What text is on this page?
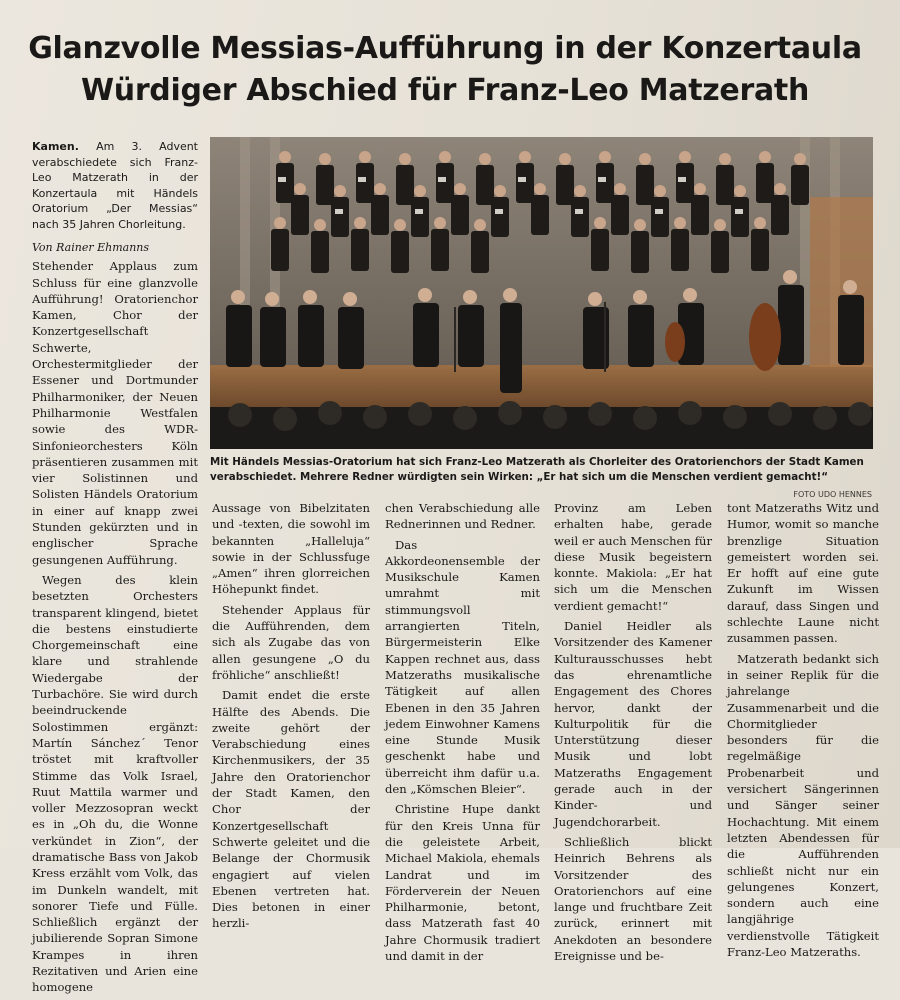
Glanzvolle Messias-Aufführung in der Konzertaula
Würdiger Abschied für Franz-Leo Matzerath

Kamen. Am 3. Advent verabschiedete sich Franz-Leo Matzerath in der Konzertaula mit Händels Oratorium „Der Messias“ nach 35 Jahren Chorleitung.

Von Rainer Ehmanns

Stehender Applaus zum Schluss für eine glanzvolle Aufführung! Oratorienchor Kamen, Chor der Konzertgesellschaft Schwerte, Orchestermitglieder der Essener und Dortmunder Philharmoniker, der Neuen Philharmonie Westfalen sowie des WDR-Sinfonieorchesters Köln präsentieren zusammen mit vier Solistinnen und Solisten Händels Oratorium in einer auf knapp zwei Stunden gekürzten und in englischer Sprache gesungenen Aufführung.

Wegen des klein besetzten Orchesters transparent klingend, bietet die bestens einstudierte Chorgemeinschaft eine klare und strahlende Wiedergabe der Turbachöre. Sie wird durch beeindruckende Solostimmen ergänzt: Martín Sánchez´ Tenor tröstet mit kraftvoller Stimme das Volk Israel, Ruut Mattila warmer und voller Mezzosopran weckt es in „Oh du, die Wonne verkündet in Zion“, der dramatische Bass von Jakob Kress erzählt vom Volk, das im Dunkeln wandelt, mit sonorer Tiefe und Fülle. Schließlich ergänzt der jubilierende Sopran Simone Krampes in ihren Rezitativen und Arien eine homogene

Mit Händels Messias-Oratorium hat sich Franz-Leo Matzerath als Chorleiter des Oratorienchors der Stadt Kamen verabschiedet. Mehrere Redner würdigten sein Wirken: „Er hat sich um die Menschen verdient gemacht!“
FOTO UDO HENNES

Aussage von Bibelzitaten und -texten, die sowohl im bekannten „Halleluja“ sowie in der Schlussfuge „Amen“ ihren glorreichen Höhepunkt findet.

Stehender Applaus für die Aufführenden, dem sich als Zugabe das von allen gesungene „O du fröhliche“ anschließt!

Damit endet die erste Hälfte des Abends. Die zweite gehört der Verabschiedung eines Kirchenmusikers, der 35 Jahre den Oratorienchor der Stadt Kamen, den Chor der Konzertgesellschaft Schwerte geleitet und die Belange der Chormusik engagiert auf vielen Ebenen vertreten hat. Dies betonen in einer herzli-

chen Verabschiedung alle Rednerinnen und Redner.

Das Akkordeonensemble der Musikschule Kamen umrahmt mit stimmungsvoll arrangierten Titeln, Bürgermeisterin Elke Kappen rechnet aus, dass Matzeraths musikalische Tätigkeit auf allen Ebenen in den 35 Jahren jedem Einwohner Kamens eine Stunde Musik geschenkt habe und überreicht ihm dafür u.a. den „Kömschen Bleier“.

Christine Hupe dankt für den Kreis Unna für die geleistete Arbeit, Michael Makiola, ehemals Landrat und im Förderverein der Neuen Philharmonie, betont, dass Matzerath fast 40 Jahre Chormusik tradiert und damit in der

Provinz am Leben erhalten habe, gerade weil er auch Menschen für diese Musik begeistern konnte. Makiola: „Er hat sich um die Menschen verdient gemacht!“

Daniel Heidler als Vorsitzender des Kamener Kulturausschusses hebt das ehrenamtliche Engagement des Chores hervor, dankt der Kulturpolitik für die Unterstützung dieser Musik und lobt Matzeraths Engagement gerade auch in der Kinder- und Jugendchorarbeit.

Schließlich blickt Heinrich Behrens als Vorsitzender des Oratorienchors auf eine lange und fruchtbare Zeit zurück, erinnert mit Anekdoten an besondere Ereignisse und be-

tont Matzeraths Witz und Humor, womit so manche brenzlige Situation gemeistert worden sei. Er hofft auf eine gute Zukunft im Wissen darauf, dass Singen und schlechte Laune nicht zusammen passen.

Matzerath bedankt sich in seiner Replik für die jahrelange Zusammenarbeit und die Chormitglieder besonders für die regelmäßige Probenarbeit und versichert Sängerinnen und Sänger seiner Hochachtung. Mit einem letzten Abendessen für die Aufführenden schließt nicht nur ein gelungenes Konzert, sondern auch eine langjährige verdienstvolle Tätigkeit Franz-Leo Matzeraths.
